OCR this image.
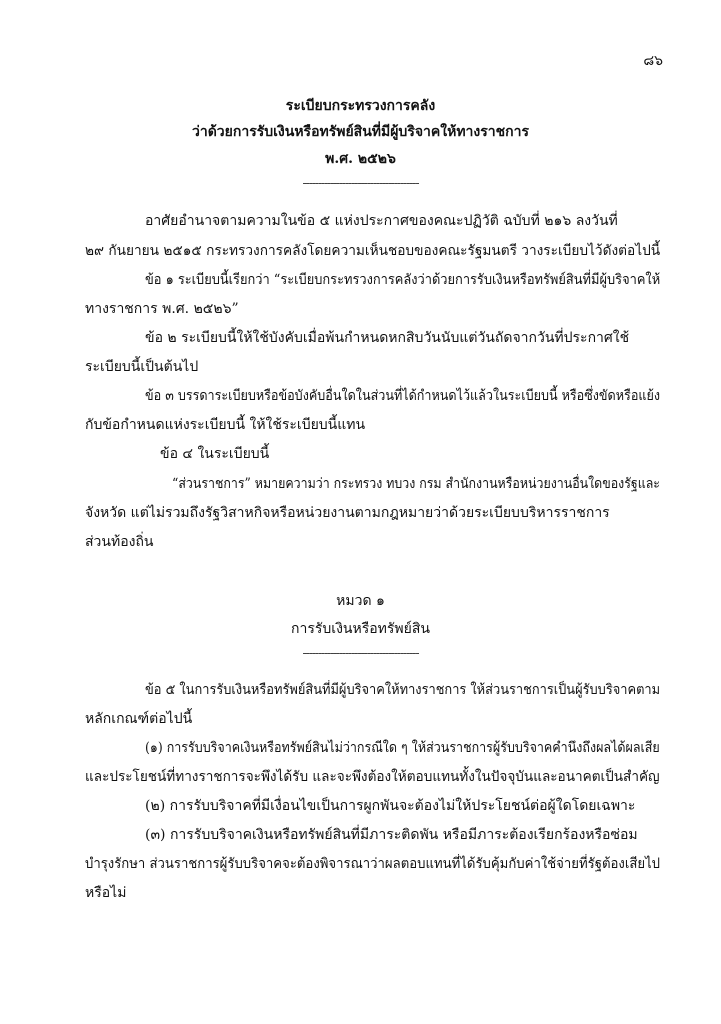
๘๖
ระเบียบกระทรวงการคลัง
ว่าด้วยการรับเงินหรือทรัพย์สินที่มีผู้บริจาคให้ทางราชการ
พ.ศ. ๒๕๒๖
--------------------------------------
อาศัยอำนาจตามความในข้อ ๕ แห่งประกาศของคณะปฏิวัติ ฉบับที่ ๒๑๖ ลงวันที่
๒๙ กันยายน ๒๕๑๕ กระทรวงการคลังโดยความเห็นชอบของคณะรัฐมนตรี วางระเบียบไว้ดังต่อไปนี้
ข้อ ๑ ระเบียบนี้เรียกว่า “ระเบียบกระทรวงการคลังว่าด้วยการรับเงินหรือทรัพย์สินที่มีผู้บริจาคให้
ทางราชการ พ.ศ. ๒๕๒๖”
ข้อ ๒ ระเบียบนี้ให้ใช้บังคับเมื่อพ้นกำหนดหกสิบวันนับแต่วันถัดจากวันที่ประกาศใช้
ระเบียบนี้เป็นต้นไป
ข้อ ๓ บรรดาระเบียบหรือข้อบังคับอื่นใดในส่วนที่ได้กำหนดไว้แล้วในระเบียบนี้ หรือซึ่งขัดหรือแย้ง
กับข้อกำหนดแห่งระเบียบนี้ ให้ใช้ระเบียบนี้แทน
ข้อ ๔ ในระเบียบนี้
“ส่วนราชการ” หมายความว่า กระทรวง ทบวง กรม สำนักงานหรือหน่วยงานอื่นใดของรัฐและ
จังหวัด แต่ไม่รวมถึงรัฐวิสาหกิจหรือหน่วยงานตามกฎหมายว่าด้วยระเบียบบริหารราชการ
ส่วนท้องถิ่น
หมวด ๑
การรับเงินหรือทรัพย์สิน
--------------------------------------
ข้อ ๕ ในการรับเงินหรือทรัพย์สินที่มีผู้บริจาคให้ทางราชการ ให้ส่วนราชการเป็นผู้รับบริจาคตาม
หลักเกณฑ์ต่อไปนี้
(๑) การรับบริจาคเงินหรือทรัพย์สินไม่ว่ากรณีใด ๆ ให้ส่วนราชการผู้รับบริจาคคำนึงถึงผลได้ผลเสีย
และประโยชน์ที่ทางราชการจะพึงได้รับ และจะพึงต้องให้ตอบแทนทั้งในปัจจุบันและอนาคตเป็นสำคัญ
(๒) การรับบริจาคที่มีเงื่อนไขเป็นการผูกพันจะต้องไม่ให้ประโยชน์ต่อผู้ใดโดยเฉพาะ
(๓) การรับบริจาคเงินหรือทรัพย์สินที่มีภาระติดพัน หรือมีภาระต้องเรียกร้องหรือซ่อม
บำรุงรักษา ส่วนราชการผู้รับบริจาคจะต้องพิจารณาว่าผลตอบแทนที่ได้รับคุ้มกับค่าใช้จ่ายที่รัฐต้องเสียไป
หรือไม่
